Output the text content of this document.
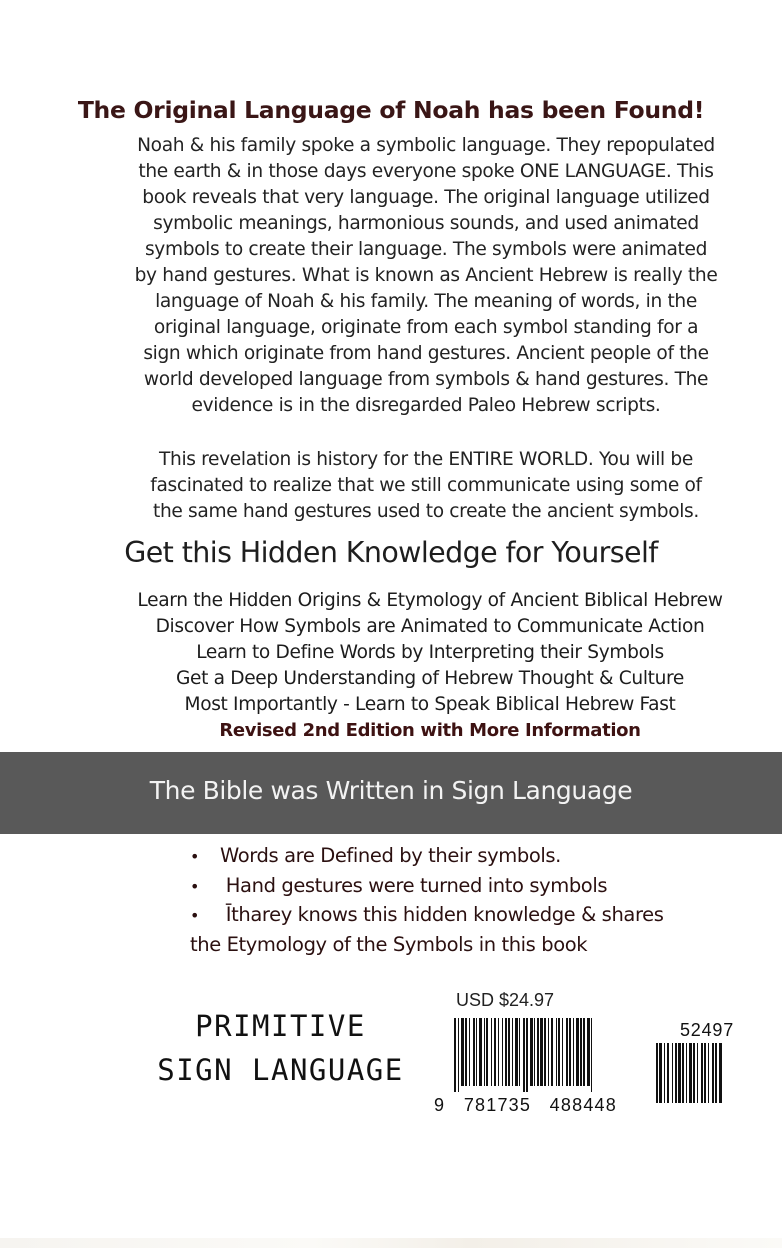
The Original Language of Noah has been Found!
Noah & his family spoke a symbolic language. They repopulated
the earth & in those days everyone spoke ONE LANGUAGE. This
book reveals that very language. The original language utilized
symbolic meanings, harmonious sounds, and used animated
symbols to create their language. The symbols were animated
by hand gestures. What is known as Ancient Hebrew is really the
language of Noah & his family. The meaning of words, in the
original language, originate from each symbol standing for a
sign which originate from hand gestures. Ancient people of the
world developed language from symbols & hand gestures. The
evidence is in the disregarded Paleo Hebrew scripts.
This revelation is history for the ENTIRE WORLD. You will be
fascinated to realize that we still communicate using some of
the same hand gestures used to create the ancient symbols.
Get this Hidden Knowledge for Yourself
Learn the Hidden Origins & Etymology of Ancient Biblical Hebrew
Discover How Symbols are Animated to Communicate Action
Learn to Define Words by Interpreting their Symbols
Get a Deep Understanding of Hebrew Thought & Culture
Most Importantly - Learn to Speak Biblical Hebrew Fast
Revised 2nd Edition with More Information
The Bible was Written in Sign Language
•	Words are Defined by their symbols.
•	Hand gestures were turned into symbols
•	Ītharey knows this hidden knowledge & shares
the Etymology of the Symbols in this book
PRIMITIVE
SIGN LANGUAGE
USD $24.97
9   781735   488448
52497
